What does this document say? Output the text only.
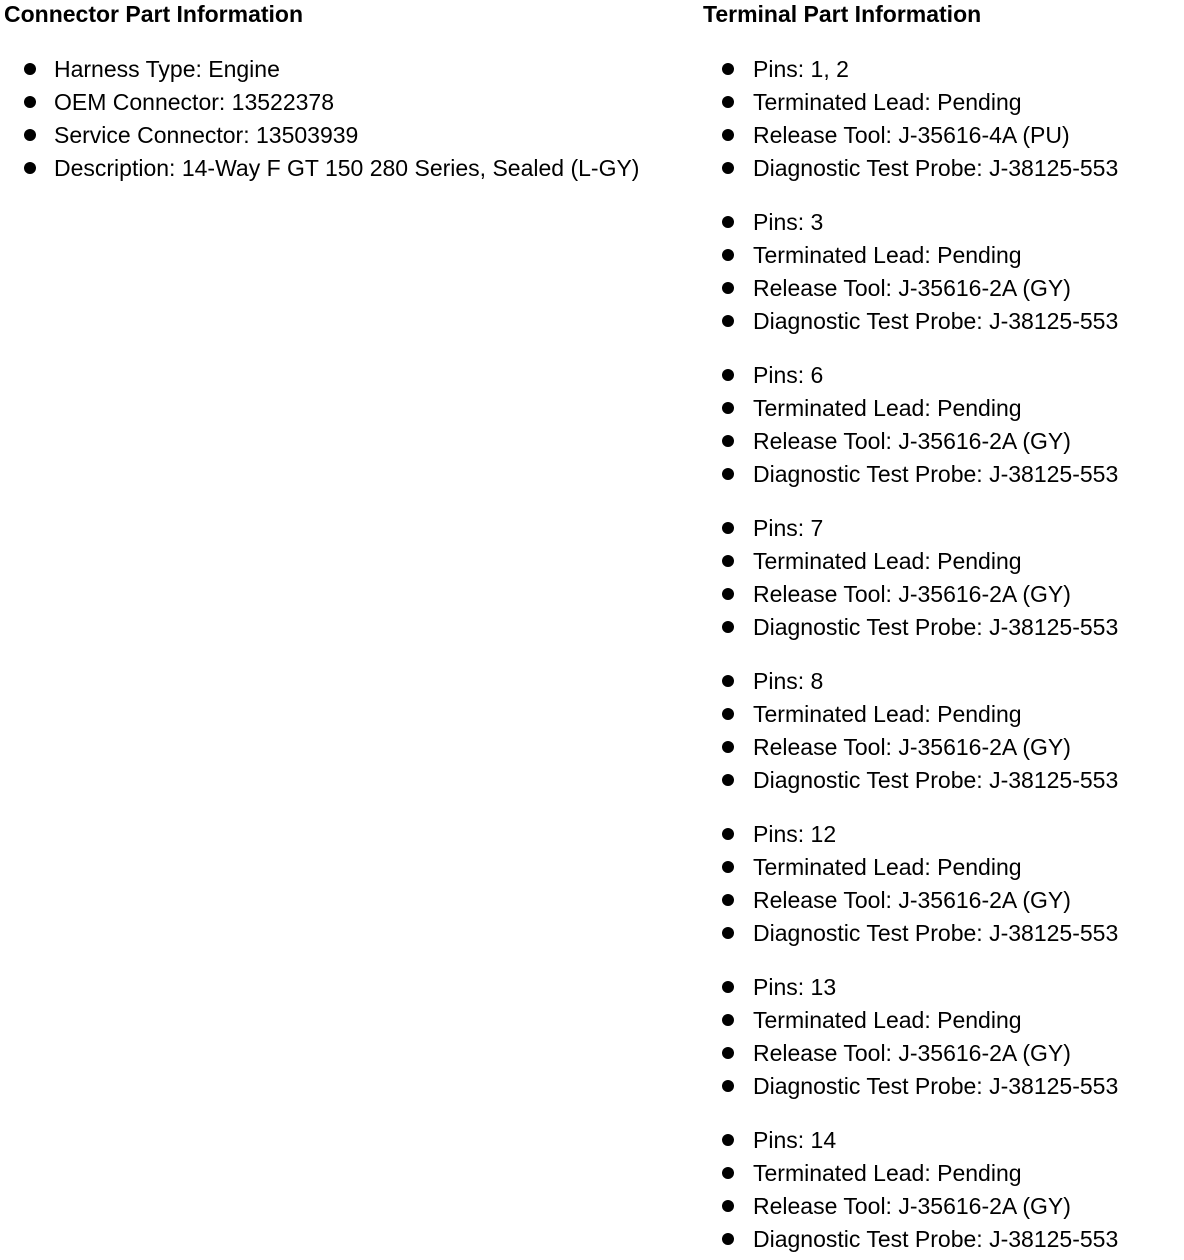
Connector Part Information
Harness Type: Engine
OEM Connector: 13522378
Service Connector: 13503939
Description: 14-Way F GT 150 280 Series, Sealed (L-GY)
Terminal Part Information
Pins: 1, 2
Terminated Lead: Pending
Release Tool: J-35616-4A (PU)
Diagnostic Test Probe: J-38125-553
Pins: 3
Terminated Lead: Pending
Release Tool: J-35616-2A (GY)
Diagnostic Test Probe: J-38125-553
Pins: 6
Terminated Lead: Pending
Release Tool: J-35616-2A (GY)
Diagnostic Test Probe: J-38125-553
Pins: 7
Terminated Lead: Pending
Release Tool: J-35616-2A (GY)
Diagnostic Test Probe: J-38125-553
Pins: 8
Terminated Lead: Pending
Release Tool: J-35616-2A (GY)
Diagnostic Test Probe: J-38125-553
Pins: 12
Terminated Lead: Pending
Release Tool: J-35616-2A (GY)
Diagnostic Test Probe: J-38125-553
Pins: 13
Terminated Lead: Pending
Release Tool: J-35616-2A (GY)
Diagnostic Test Probe: J-38125-553
Pins: 14
Terminated Lead: Pending
Release Tool: J-35616-2A (GY)
Diagnostic Test Probe: J-38125-553
